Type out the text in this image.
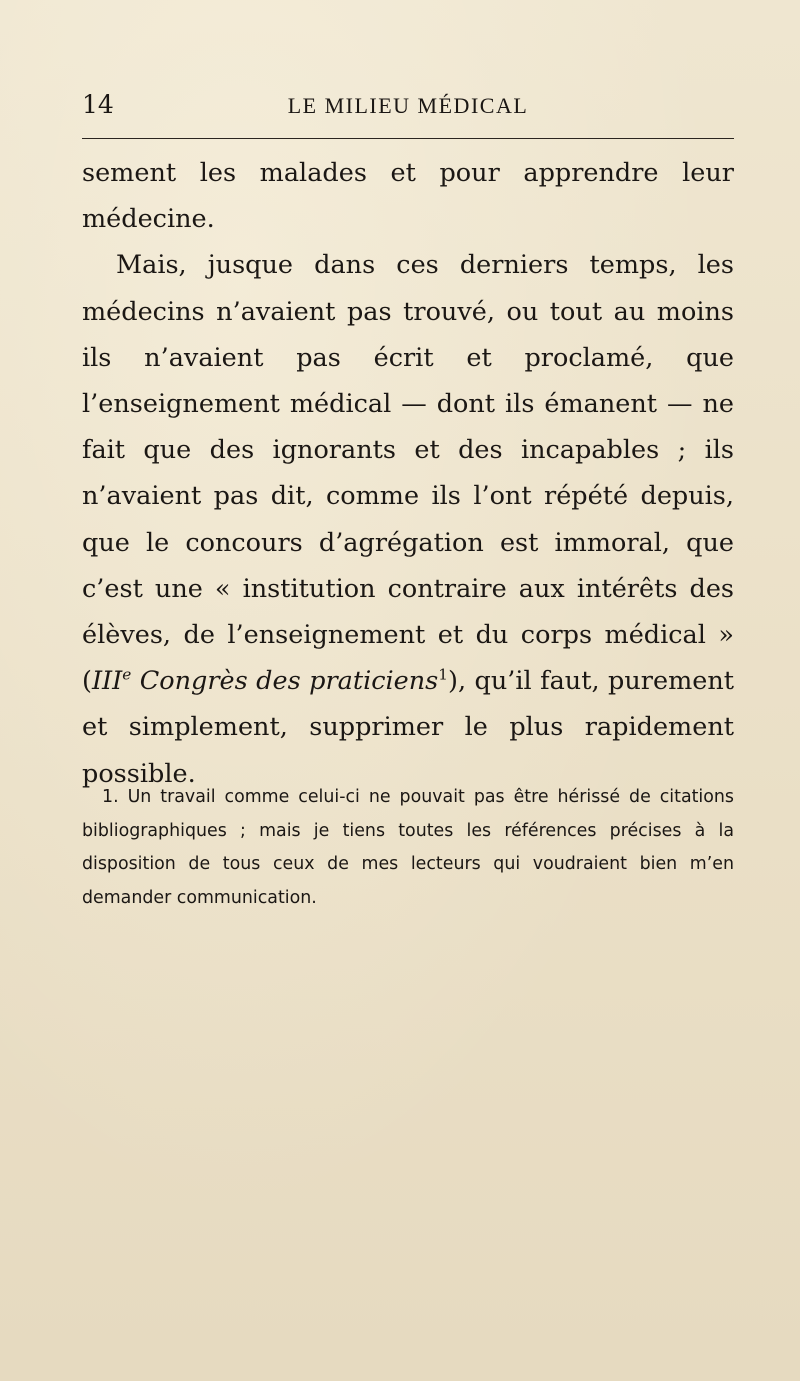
14	LE MILIEU MÉDICAL

sement les malades et pour apprendre leur médecine.

Mais, jusque dans ces derniers temps, les médecins n’avaient pas trouvé, ou tout au moins ils n’avaient pas écrit et proclamé, que l’enseignement médical — dont ils émanent — ne fait que des ignorants et des incapables ; ils n’avaient pas dit, comme ils l’ont répété depuis, que le concours d’agrégation est immoral, que c’est une « institution contraire aux intérêts des élèves, de l’enseignement et du corps médical » (IIIe Congrès des praticiens$^1$), qu’il faut, purement et simplement, supprimer le plus rapidement possible.

1. Un travail comme celui-ci ne pouvait pas être hérissé de citations bibliographiques ; mais je tiens toutes les références précises à la disposition de tous ceux de mes lecteurs qui voudraient bien m’en demander communication.
